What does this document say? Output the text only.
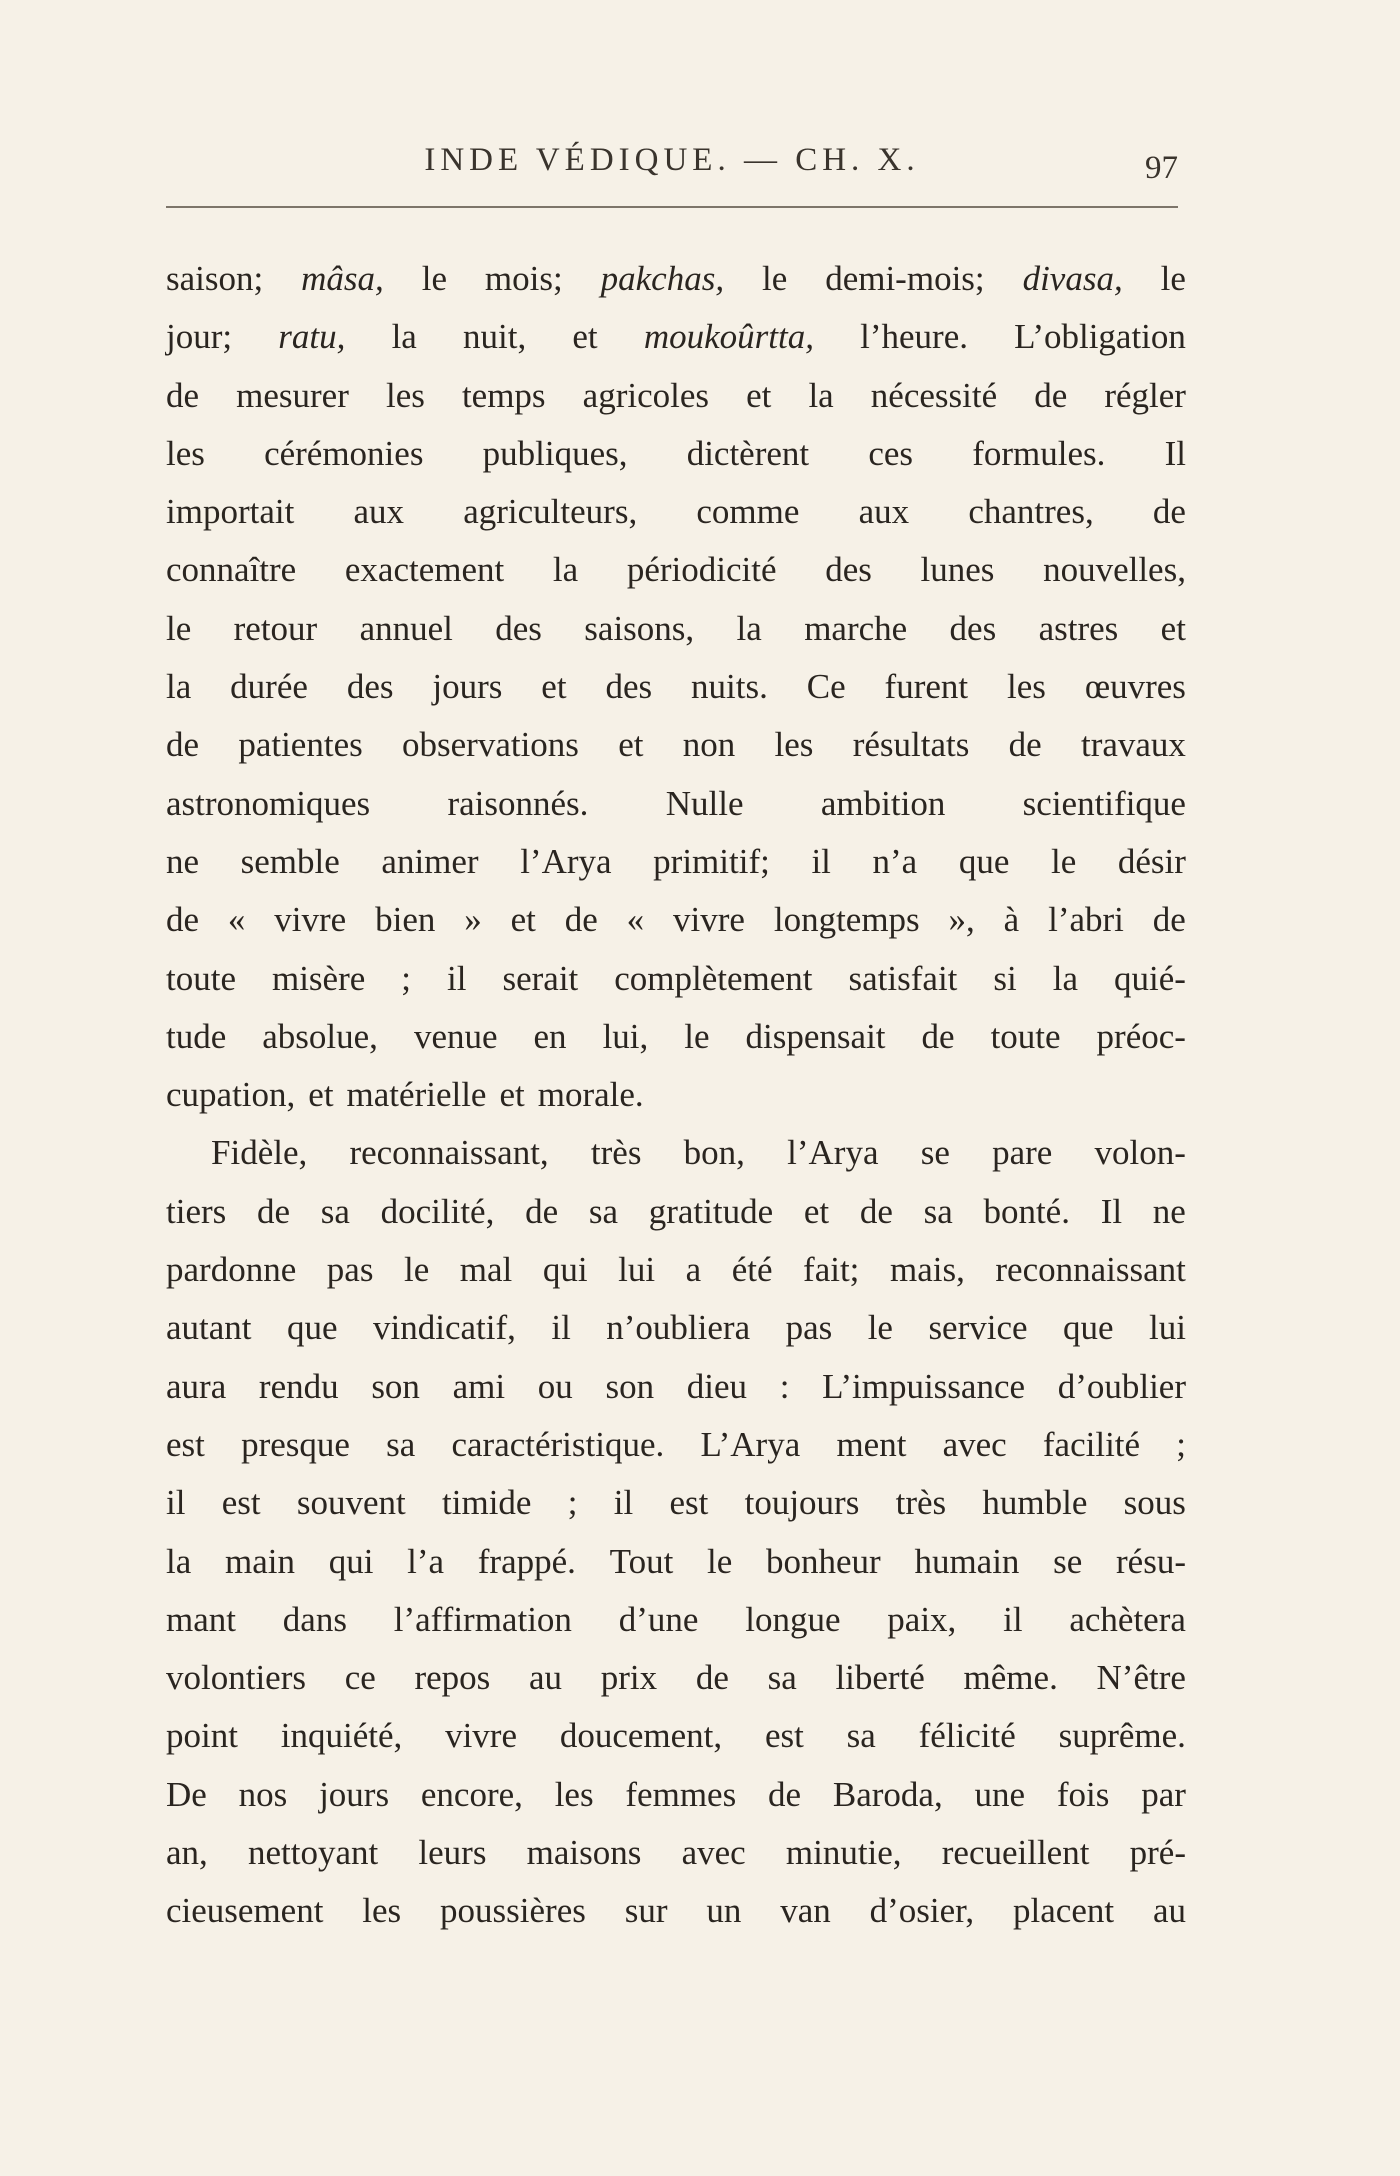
INDE VÉDIQUE. — CH. X.	97
saison; mâsa, le mois; pakchas, le demi-mois; divasa, le
jour; ratu, la nuit, et moukoûrtta, l’heure. L’obligation
de mesurer les temps agricoles et la nécessité de régler
les cérémonies publiques, dictèrent ces formules. Il
importait aux agriculteurs, comme aux chantres, de
connaître exactement la périodicité des lunes nouvelles,
le retour annuel des saisons, la marche des astres et
la durée des jours et des nuits. Ce furent les œuvres
de patientes observations et non les résultats de travaux
astronomiques raisonnés. Nulle ambition scientifique
ne semble animer l’Arya primitif; il n’a que le désir
de « vivre bien » et de « vivre longtemps », à l’abri de
toute misère ; il serait complètement satisfait si la quié-
tude absolue, venue en lui, le dispensait de toute préoc-
cupation, et matérielle et morale.
Fidèle, reconnaissant, très bon, l’Arya se pare volon-
tiers de sa docilité, de sa gratitude et de sa bonté. Il ne
pardonne pas le mal qui lui a été fait; mais, reconnaissant
autant que vindicatif, il n’oubliera pas le service que lui
aura rendu son ami ou son dieu : L’impuissance d’oublier
est presque sa caractéristique. L’Arya ment avec facilité ;
il est souvent timide ; il est toujours très humble sous
la main qui l’a frappé. Tout le bonheur humain se résu-
mant dans l’affirmation d’une longue paix, il achètera
volontiers ce repos au prix de sa liberté même. N’être
point inquiété, vivre doucement, est sa félicité suprême.
De nos jours encore, les femmes de Baroda, une fois par
an, nettoyant leurs maisons avec minutie, recueillent pré-
cieusement les poussières sur un van d’osier, placent au
